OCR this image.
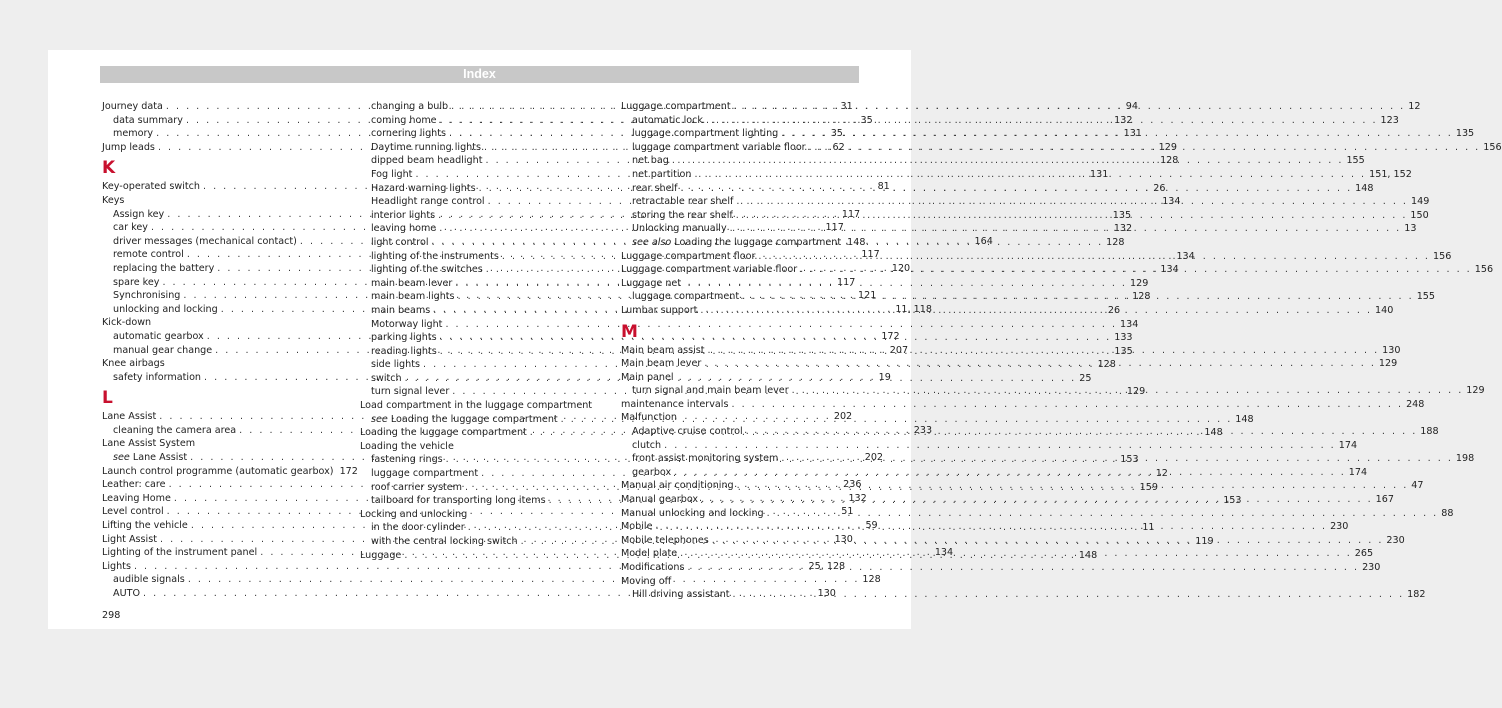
Index
Journey data . . .	31
data summary . . .	35
memory . . .	35
Jump leads . . .	62
K
Key-operated switch . . .	81
Keys
Assign key . . .	117
car key . . .	117
driver messages (mechanical contact) . . .	164
remote control . . .	117
replacing the battery . . .	120
spare key . . .	117
Synchronising . . .	121
unlocking and locking . . .	11, 118
Kick-down
automatic gearbox . . .	172
manual gear change . . .	207
Knee airbags
safety information . . .	19
L
Lane Assist . . .	202
cleaning the camera area . . .	233
Lane Assist System
see Lane Assist . . .	202
Launch control programme (automatic gearbox) 172
Leather: care . . .	236
Leaving Home . . .	132
Level control . . .	51
Lifting the vehicle . . .	59
Light Assist . . .	130
Lighting of the instrument panel . . .	134
Lights . . .	25, 128
audible signals . . .	128
AUTO . . .	130
changing a bulb . . .	94
coming home . . .	132
cornering lights . . .	131
Daytime running lights . . .	129
dipped beam headlight . . .	128
Fog light . . .	131
Hazard warning lights . . .	26
Headlight range control . . .	134
interior lights . . .	135
leaving home . . .	132
light control . . .	128
lighting of the instruments . . .	134
lighting of the switches . . .	134
main beam lever . . .	129
main beam lights . . .	128
main beams . . .	26
Motorway light . . .	134
parking lights . . .	133
reading lights . . .	135
side lights . . .	128
switch . . .	25
turn signal lever . . .	129
Load compartment in the luggage compartment
see Loading the luggage compartment . . .	148
Loading the luggage compartment . . .	148
Loading the vehicle
fastening rings . . .	153
luggage compartment . . .	12
roof carrier system . . .	159
tailboard for transporting long items . . .	153
Locking and unlocking
in the door cylinder . . .	11
with the central locking switch . . .	119
Luggage . . .	148
Luggage compartment . . .	12
automatic lock . . .	123
luggage compartment lighting . . .	135
luggage compartment variable floor . . .	156
net bag . . .	155
net partition . . .	151, 152
rear shelf . . .	148
retractable rear shelf . . .	149
storing the rear shelf . . .	150
Unlocking manually . . .	13
see also Loading the luggage compartment 148
Luggage compartment floor . . .	156
Luggage compartment variable floor . . .	156
Luggage net
luggage compartment . . .	155
Lumbar support . . .	140
M
Main beam assist . . .	130
Main beam lever . . .	129
Main panel
turn signal and main beam lever . . .	129
maintenance intervals . . .	248
Malfunction
Adaptive cruise control . . .	188
clutch . . .	174
front assist monitoring system . . .	198
gearbox . . .	174
Manual air conditioning . . .	47
Manual gearbox . . .	167
Manual unlocking and locking . . .	88
Mobile . . .	230
Mobile telephones . . .	230
Model plate . . .	265
Modifications . . .	230
Moving off
Hill driving assistant . . .	182
298
